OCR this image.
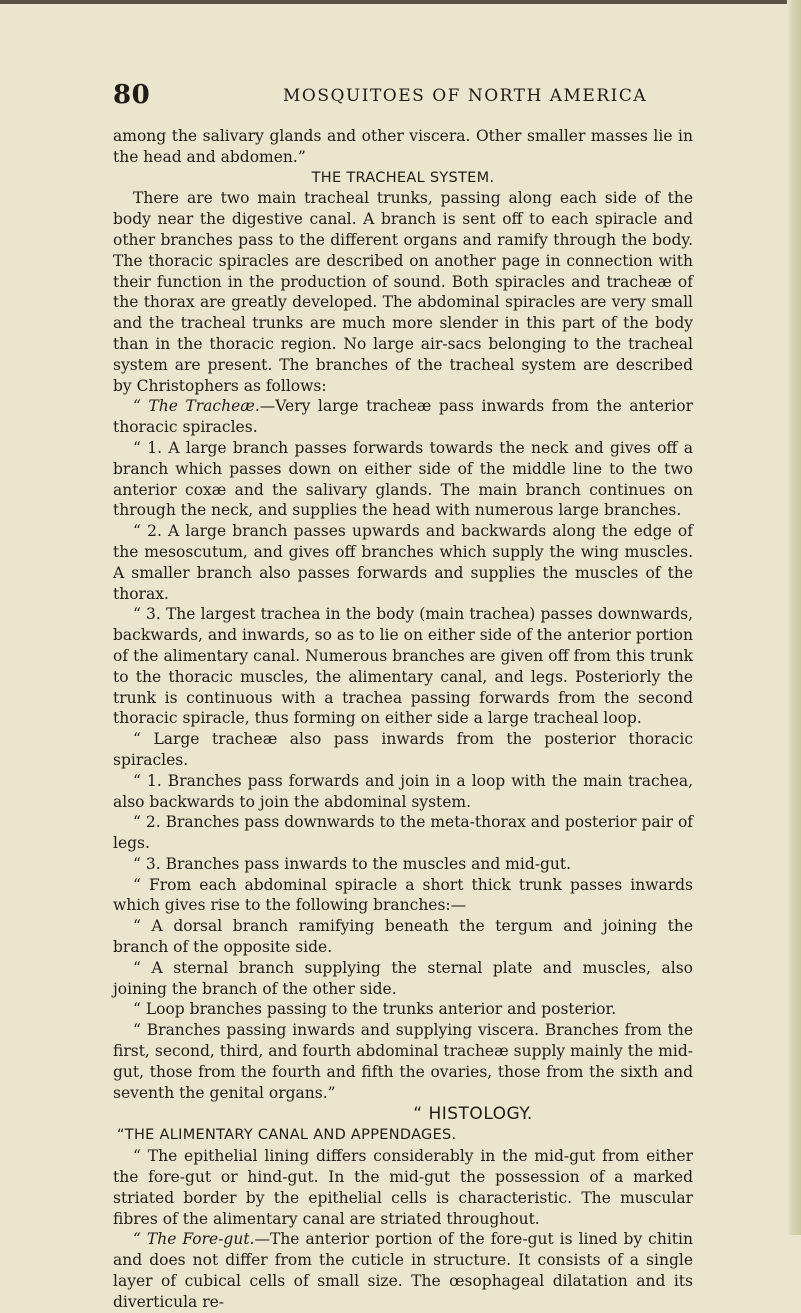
80	MOSQUITOES OF NORTH AMERICA

among the salivary glands and other viscera. Other smaller masses lie in the head and abdomen.”

THE TRACHEAL SYSTEM.

There are two main tracheal trunks, passing along each side of the body near the digestive canal. A branch is sent off to each spiracle and other branches pass to the different organs and ramify through the body. The thoracic spiracles are described on another page in connection with their function in the production of sound. Both spiracles and tracheæ of the thorax are greatly developed. The abdominal spiracles are very small and the tracheal trunks are much more slender in this part of the body than in the thoracic region. No large air-sacs belonging to the tracheal system are present. The branches of the tracheal system are described by Christophers as follows:

“ The Tracheæ.—Very large tracheæ pass inwards from the anterior thoracic spiracles.

“ 1. A large branch passes forwards towards the neck and gives off a branch which passes down on either side of the middle line to the two anterior coxæ and the salivary glands. The main branch continues on through the neck, and supplies the head with numerous large branches.

“ 2. A large branch passes upwards and backwards along the edge of the mesoscutum, and gives off branches which supply the wing muscles. A smaller branch also passes forwards and supplies the muscles of the thorax.

“ 3. The largest trachea in the body (main trachea) passes downwards, backwards, and inwards, so as to lie on either side of the anterior portion of the alimentary canal. Numerous branches are given off from this trunk to the thoracic muscles, the alimentary canal, and legs. Posteriorly the trunk is continuous with a trachea passing forwards from the second thoracic spiracle, thus forming on either side a large tracheal loop.

“ Large tracheæ also pass inwards from the posterior thoracic spiracles.

“ 1. Branches pass forwards and join in a loop with the main trachea, also backwards to join the abdominal system.

“ 2. Branches pass downwards to the meta-thorax and posterior pair of legs.

“ 3. Branches pass inwards to the muscles and mid-gut.

“ From each abdominal spiracle a short thick trunk passes inwards which gives rise to the following branches:—

“ A dorsal branch ramifying beneath the tergum and joining the branch of the opposite side.

“ A sternal branch supplying the sternal plate and muscles, also joining the branch of the other side.

“ Loop branches passing to the trunks anterior and posterior.

“ Branches passing inwards and supplying viscera. Branches from the first, second, third, and fourth abdominal tracheæ supply mainly the mid-gut, those from the fourth and fifth the ovaries, those from the sixth and seventh the genital organs.”

“ HISTOLOGY.
“THE ALIMENTARY CANAL AND APPENDAGES.

“ The epithelial lining differs considerably in the mid-gut from either the fore-gut or hind-gut. In the mid-gut the possession of a marked striated border by the epithelial cells is characteristic. The muscular fibres of the alimentary canal are striated throughout.

“ The Fore-gut.—The anterior portion of the fore-gut is lined by chitin and does not differ from the cuticle in structure. It consists of a single layer of cubical cells of small size. The œsophageal dilatation and its diverticula re-
